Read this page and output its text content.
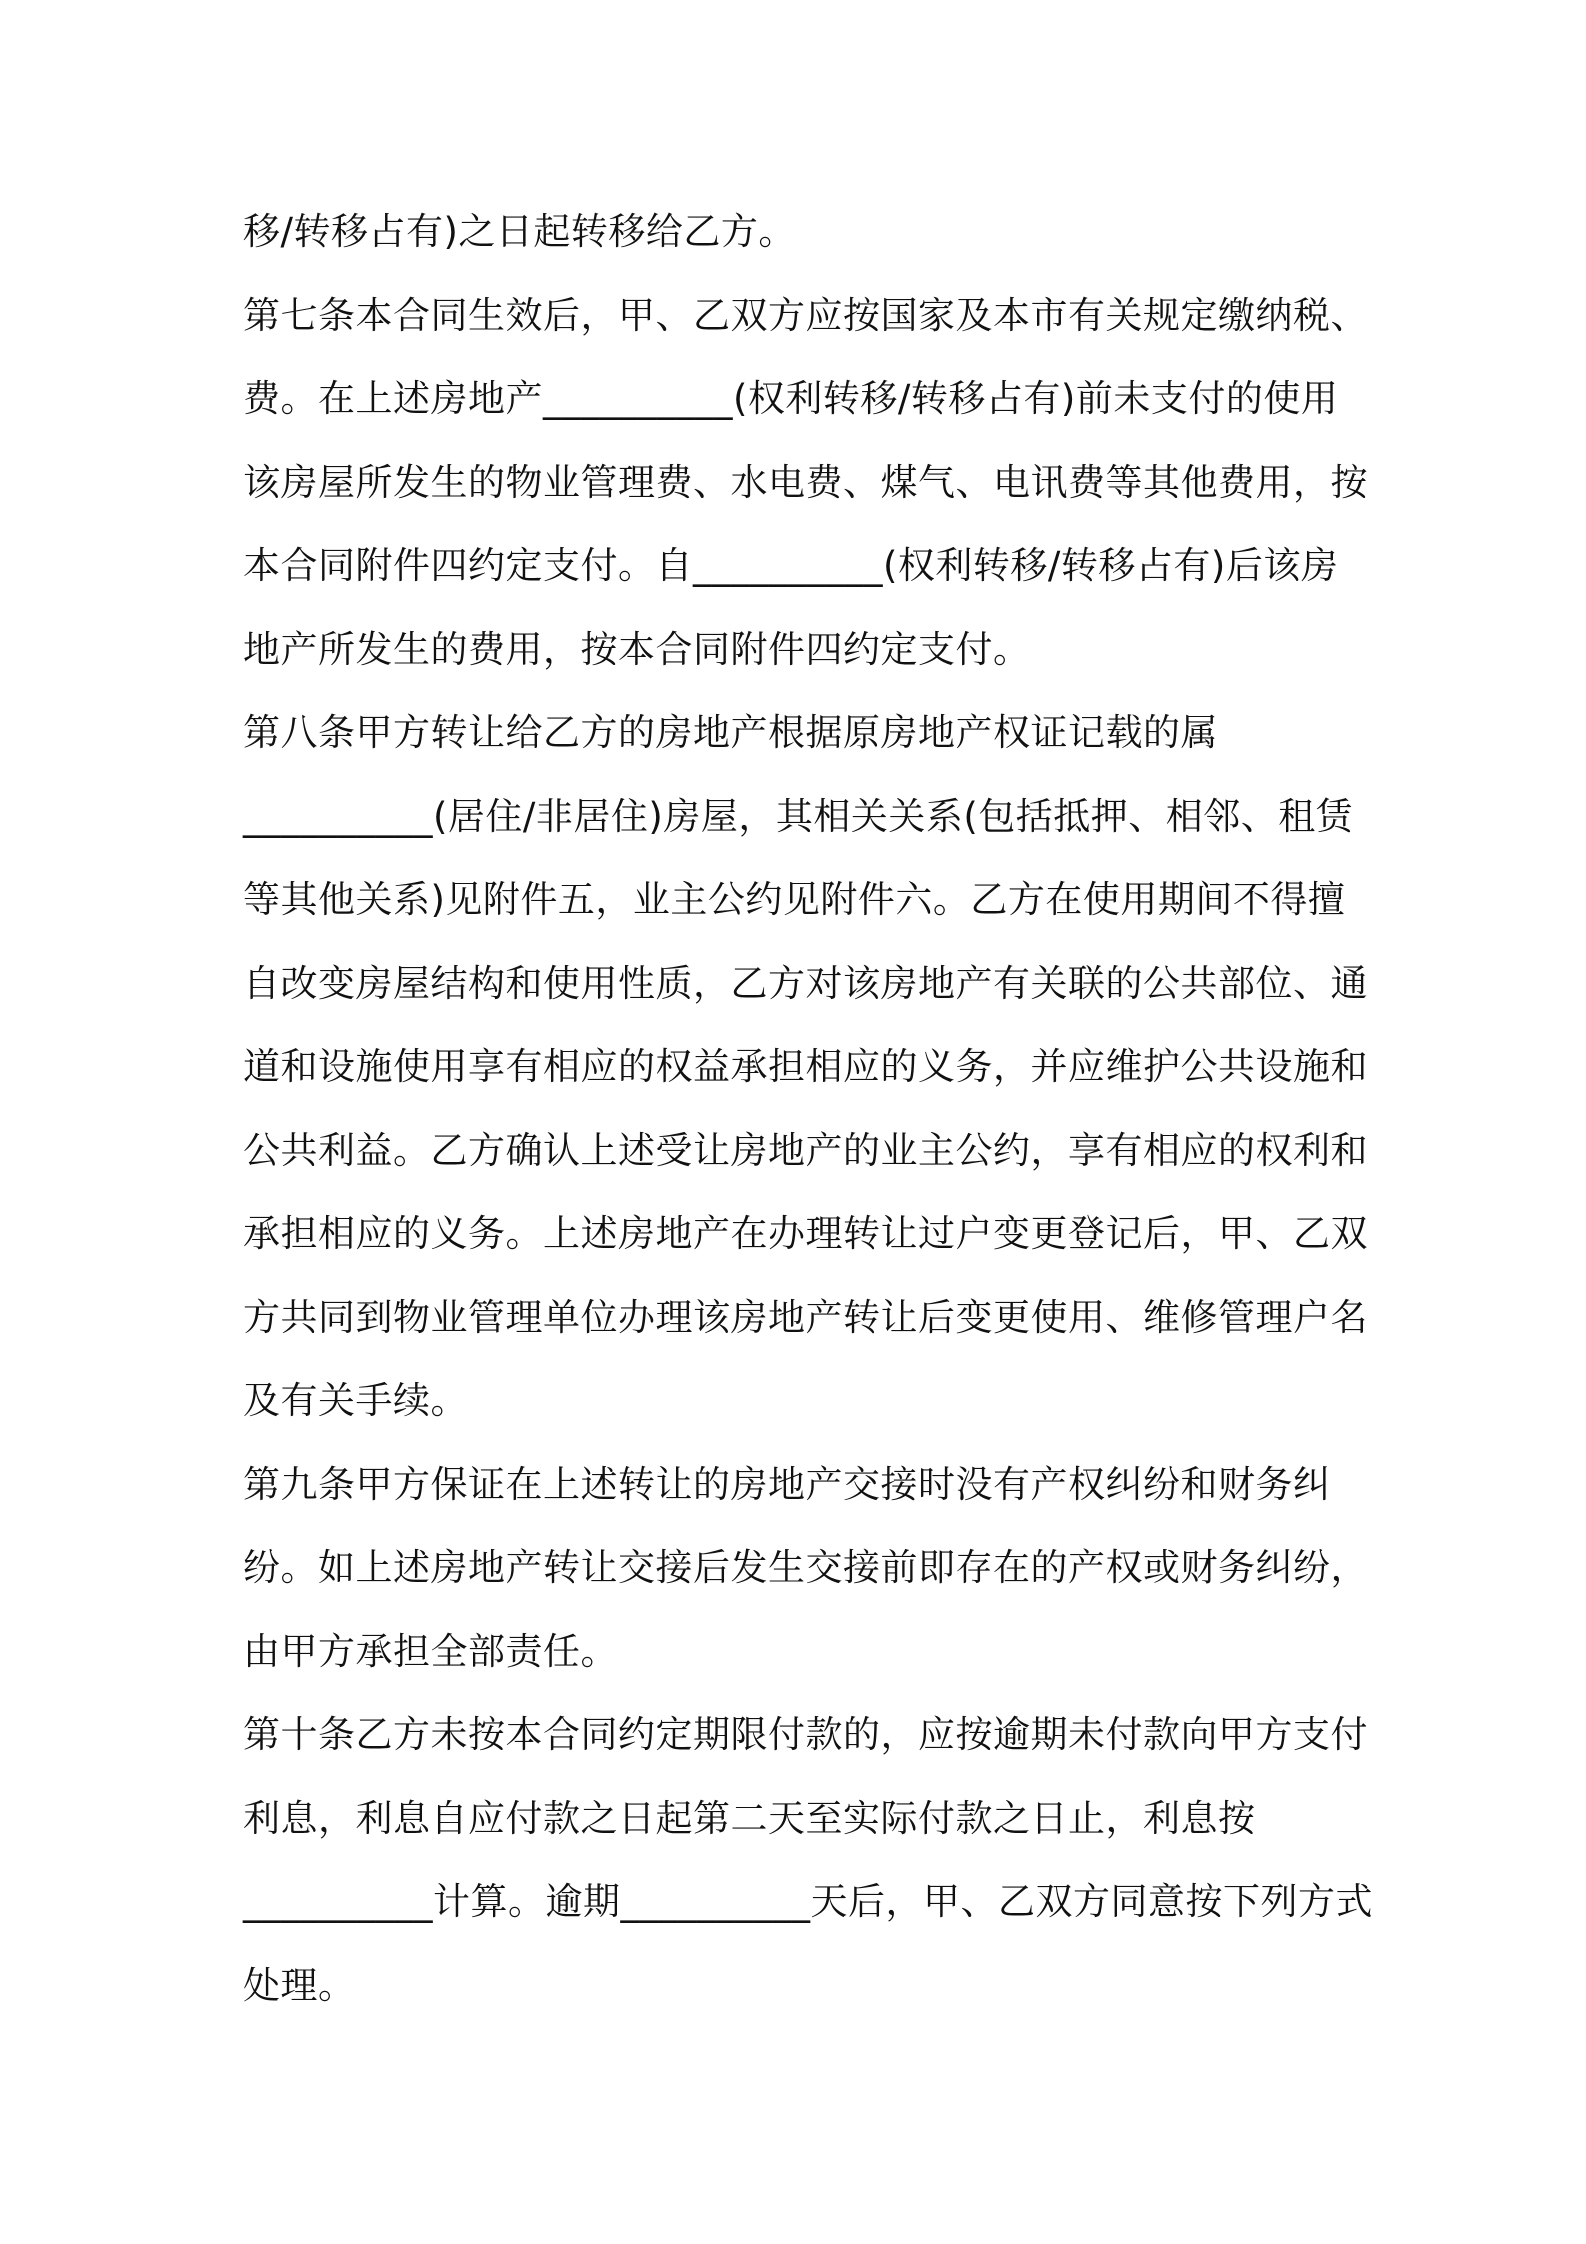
移/转移占有)之日起转移给乙方。
第七条本合同生效后，甲、乙双方应按国家及本市有关规定缴纳税、
费。在上述房地产__________(权利转移/转移占有)前未支付的使用
该房屋所发生的物业管理费、水电费、煤气、电讯费等其他费用，按
本合同附件四约定支付。自__________(权利转移/转移占有)后该房
地产所发生的费用，按本合同附件四约定支付。
第八条甲方转让给乙方的房地产根据原房地产权证记载的属
__________(居住/非居住)房屋，其相关关系(包括抵押、相邻、租赁
等其他关系)见附件五，业主公约见附件六。乙方在使用期间不得擅
自改变房屋结构和使用性质，乙方对该房地产有关联的公共部位、通
道和设施使用享有相应的权益承担相应的义务，并应维护公共设施和
公共利益。乙方确认上述受让房地产的业主公约，享有相应的权利和
承担相应的义务。上述房地产在办理转让过户变更登记后，甲、乙双
方共同到物业管理单位办理该房地产转让后变更使用、维修管理户名
及有关手续。
第九条甲方保证在上述转让的房地产交接时没有产权纠纷和财务纠
纷。如上述房地产转让交接后发生交接前即存在的产权或财务纠纷，
由甲方承担全部责任。
第十条乙方未按本合同约定期限付款的，应按逾期未付款向甲方支付
利息，利息自应付款之日起第二天至实际付款之日止，利息按
__________计算。逾期__________天后，甲、乙双方同意按下列方式
处理。
